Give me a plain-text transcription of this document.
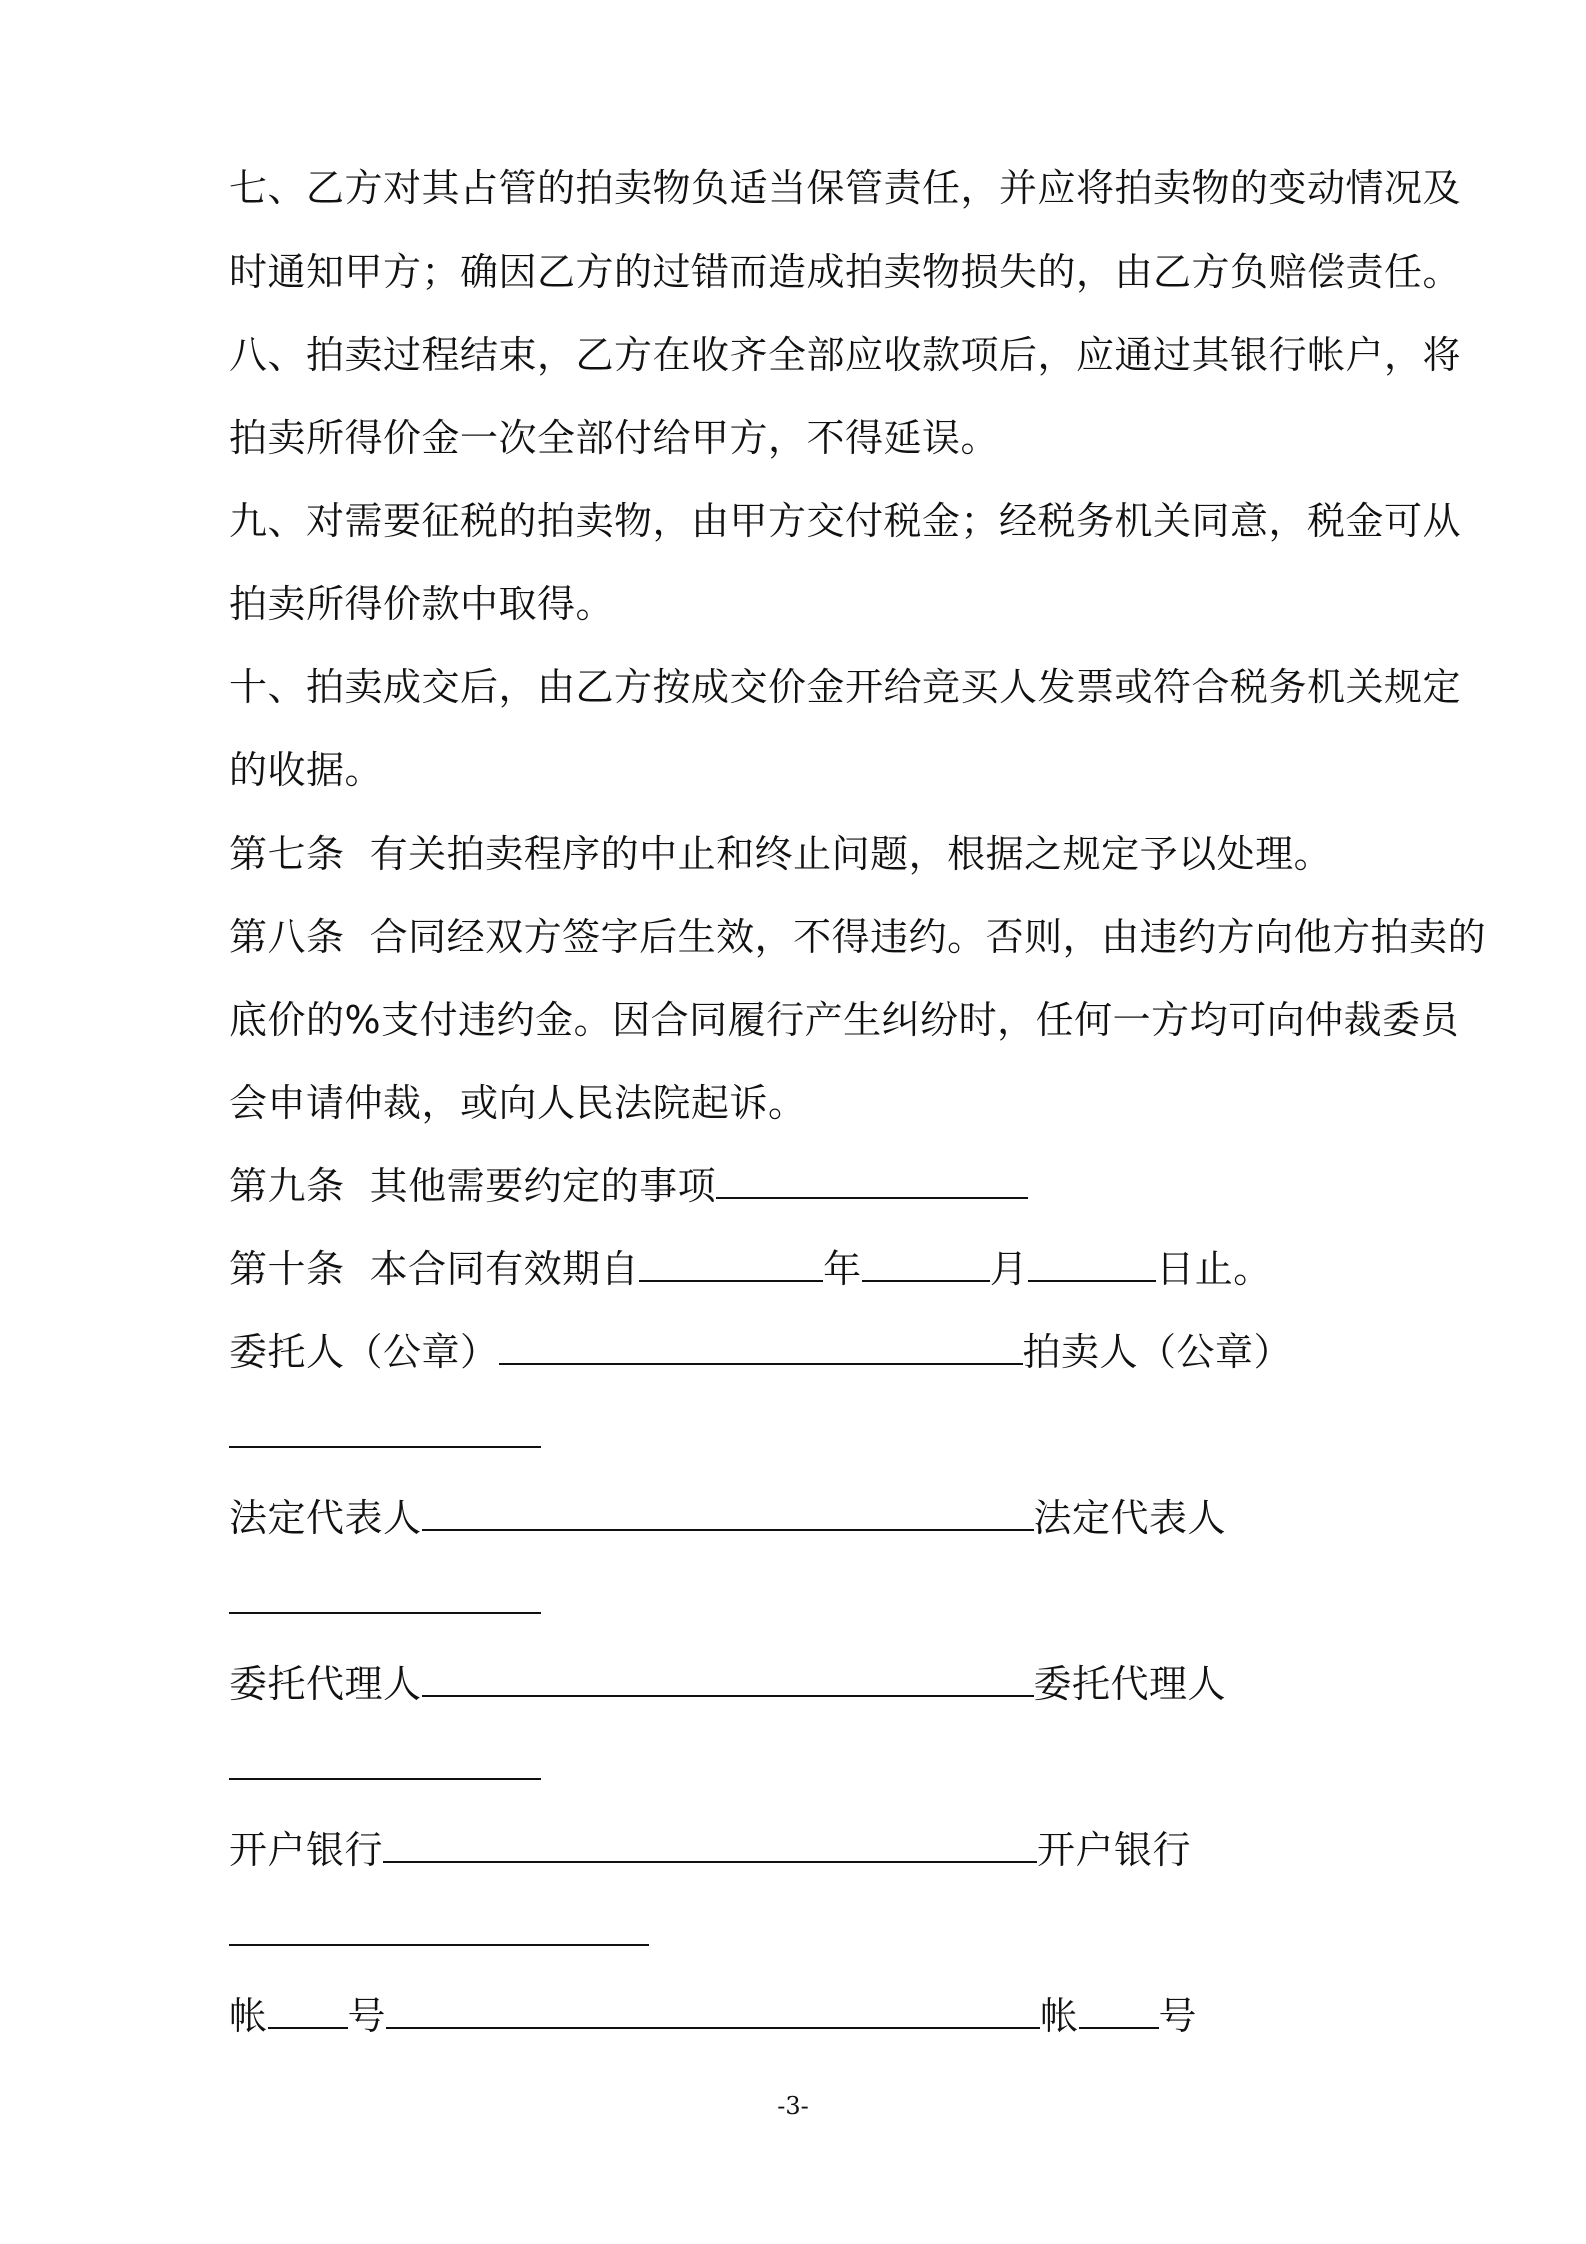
七、乙方对其占管的拍卖物负适当保管责任，并应将拍卖物的变动情况及
时通知甲方；确因乙方的过错而造成拍卖物损失的，由乙方负赔偿责任。
八、拍卖过程结束，乙方在收齐全部应收款项后，应通过其银行帐户，将
拍卖所得价金一次全部付给甲方，不得延误。
九、对需要征税的拍卖物，由甲方交付税金；经税务机关同意，税金可从
拍卖所得价款中取得。
十、拍卖成交后，由乙方按成交价金开给竞买人发票或符合税务机关规定
的收据。
第七条  有关拍卖程序的中止和终止问题，根据之规定予以处理。
第八条  合同经双方签字后生效，不得违约。否则，由违约方向他方拍卖的
底价的%支付违约金。因合同履行产生纠纷时，任何一方均可向仲裁委员
会申请仲裁，或向人民法院起诉。
第九条  其他需要约定的事项
第十条  本合同有效期自	年	月	日止。
委托人（公章）	拍卖人（公章）
法定代表人	法定代表人
委托代理人	委托代理人
开户银行	开户银行
帐 号	帐 号
-3-
